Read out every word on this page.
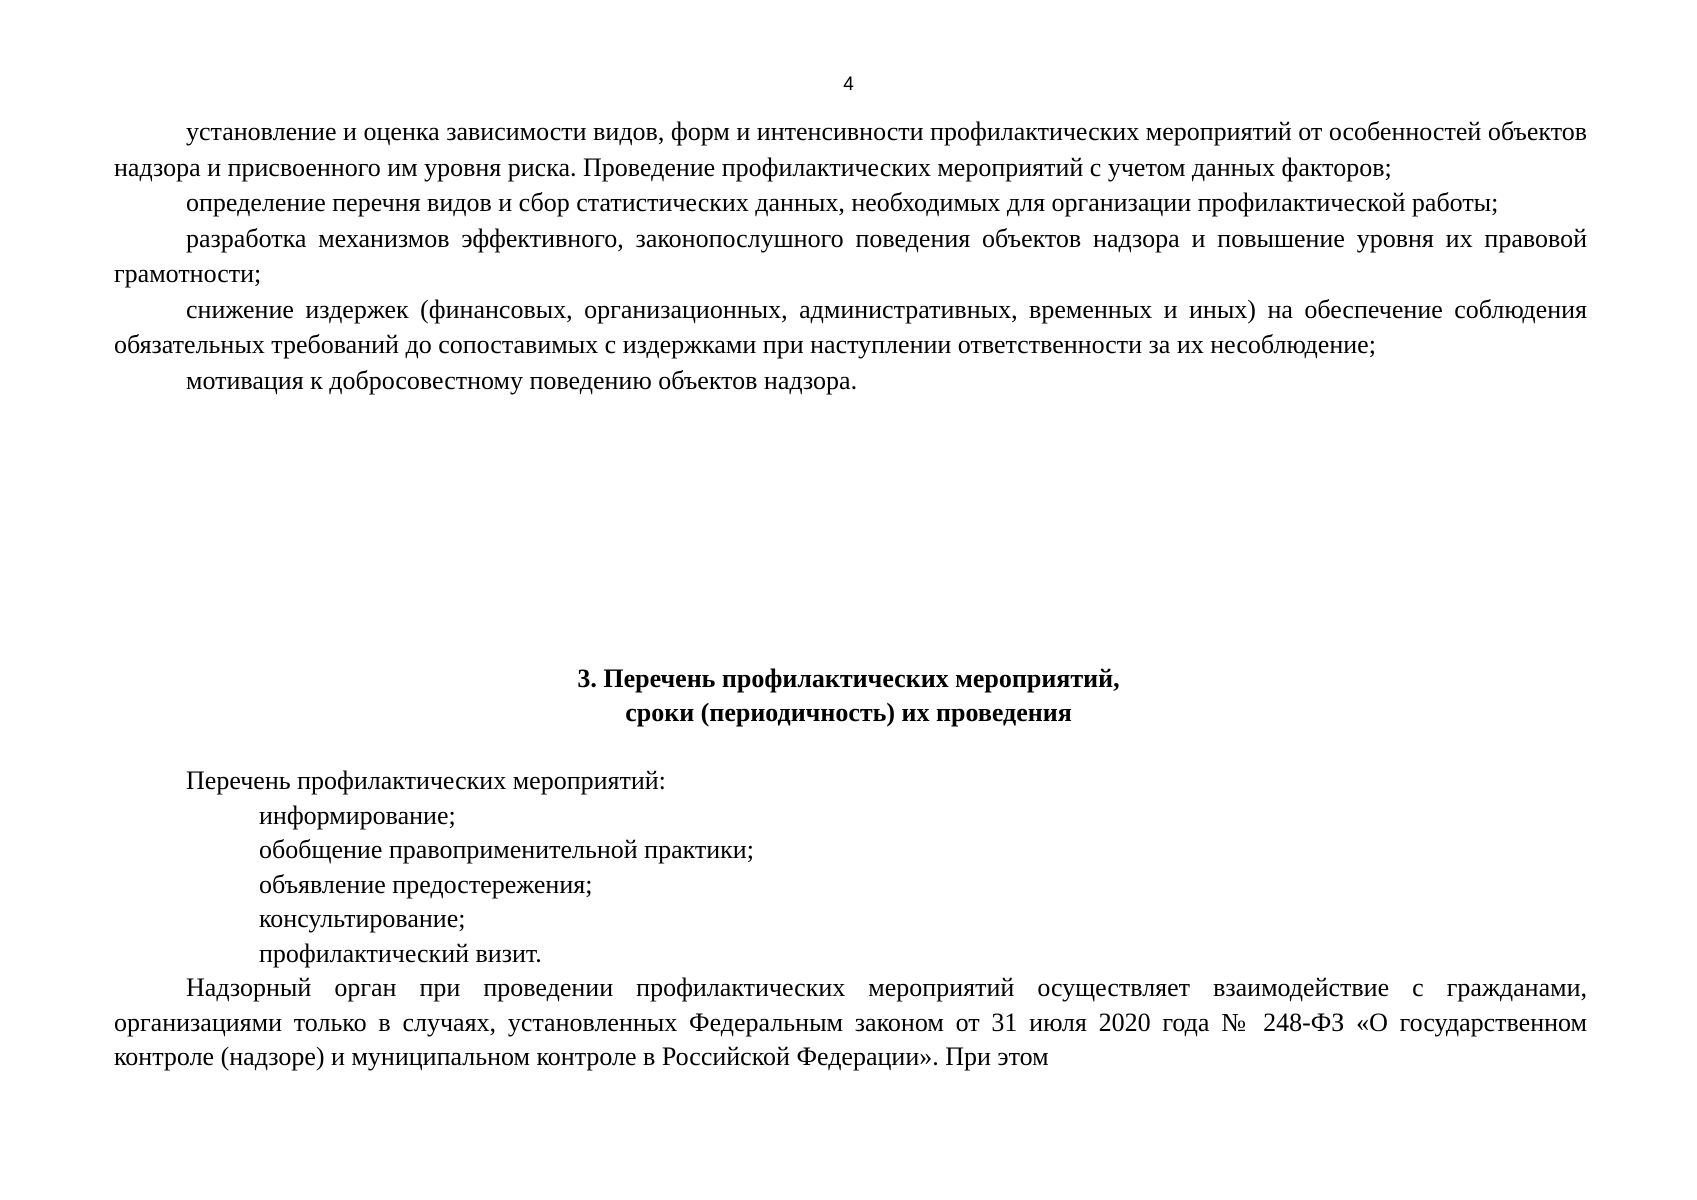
4

установление и оценка зависимости видов, форм и интенсивности профилактических мероприятий от особенностей объектов надзора и присвоенного им уровня риска. Проведение профилактических мероприятий с учетом данных факторов;

определение перечня видов и сбор статистических данных, необходимых для организации профилактической работы;

разработка механизмов эффективного, законопослушного поведения объектов надзора и повышение уровня их правовой грамотности;

снижение издержек (финансовых, организационных, административных, временных и иных) на обеспечение соблюдения обязательных требований до сопоставимых с издержками при наступлении ответственности за их несоблюдение;

мотивация к добросовестному поведению объектов надзора.

3. Перечень профилактических мероприятий,
сроки (периодичность) их проведения

Перечень профилактических мероприятий:

информирование;
обобщение правоприменительной практики;
объявление предостережения;
консультирование;
профилактический визит.

Надзорный орган при проведении профилактических мероприятий осуществляет взаимодействие с гражданами, организациями только в случаях, установленных Федеральным законом от 31 июля 2020 года № 248-ФЗ «О государственном контроле (надзоре) и муниципальном контроле в Российской Федерации». При этом
